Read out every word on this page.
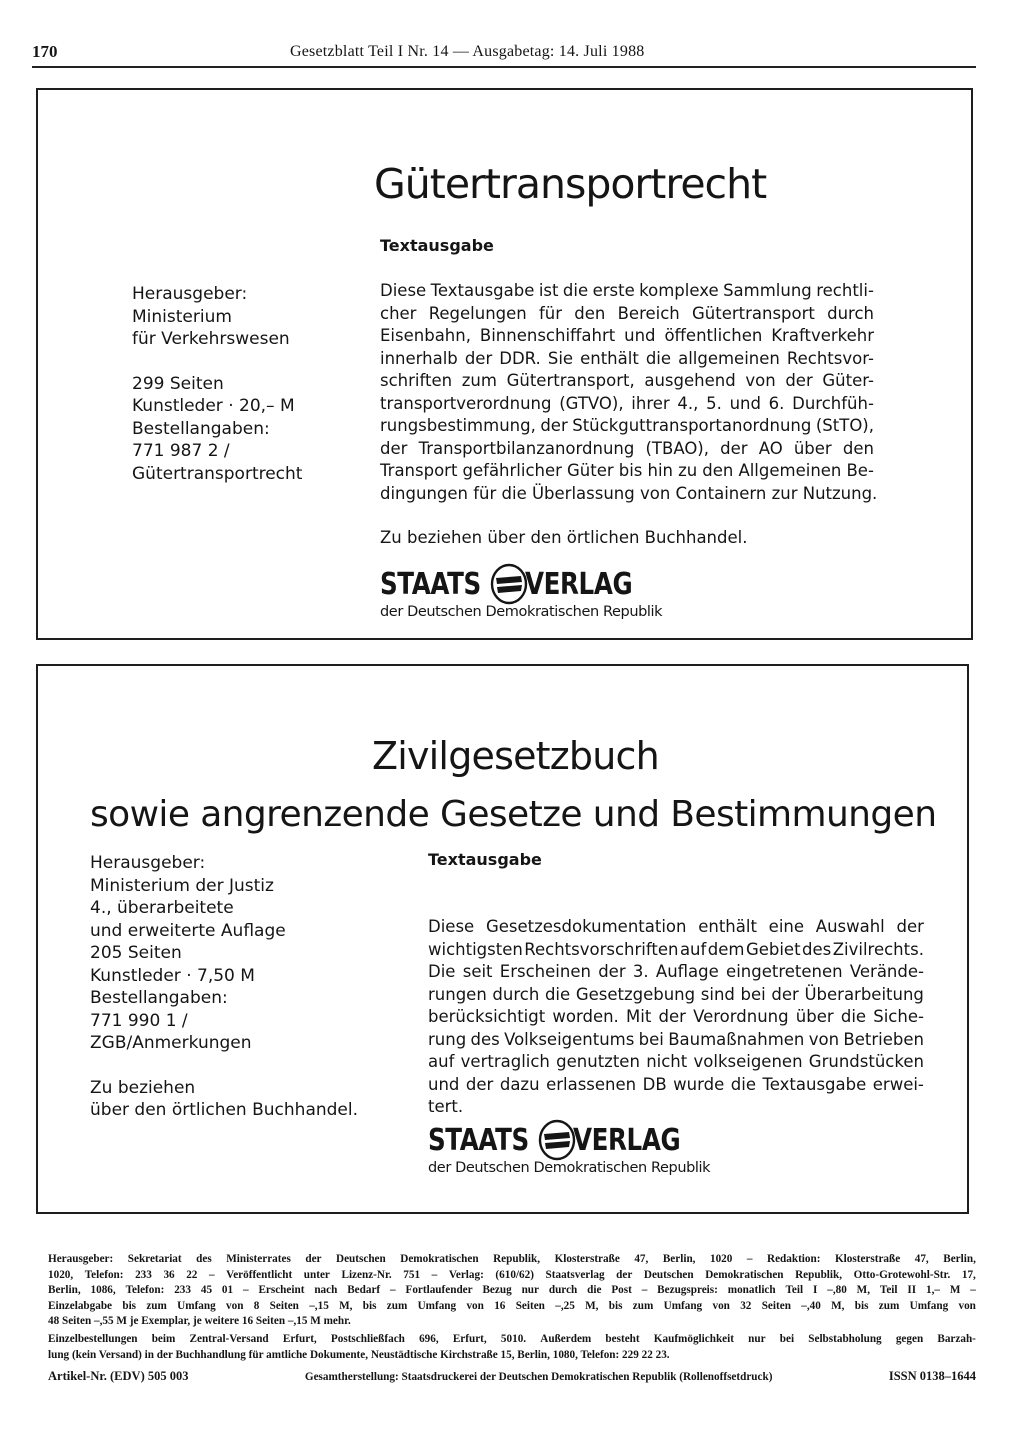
170	Gesetzblatt Teil I Nr. 14 — Ausgabetag: 14. Juli 1988
Gütertransportrecht
Textausgabe
Herausgeber:
Ministerium
für Verkehrswesen
299 Seiten
Kunstleder · 20,– M
Bestellangaben:
771 987 2 /
Gütertransportrecht
Diese Textausgabe ist die erste komplexe Sammlung rechtli-
cher Regelungen für den Bereich Gütertransport durch
Eisenbahn, Binnenschiffahrt und öffentlichen Kraftverkehr
innerhalb der DDR. Sie enthält die allgemeinen Rechtsvor-
schriften zum Gütertransport, ausgehend von der Güter-
transportverordnung (GTVO), ihrer 4., 5. und 6. Durchfüh-
rungsbestimmung, der Stückguttransportanordnung (StTO),
der Transportbilanzanordnung (TBAO), der AO über den
Transport gefährlicher Güter bis hin zu den Allgemeinen Be-
dingungen für die Überlassung von Containern zur Nutzung.
Zu beziehen über den örtlichen Buchhandel.
STAATS VERLAG
der Deutschen Demokratischen Republik
Zivilgesetzbuch
sowie angrenzende Gesetze und Bestimmungen
Textausgabe
Herausgeber:
Ministerium der Justiz
4., überarbeitete
und erweiterte Auflage
205 Seiten
Kunstleder · 7,50 M
Bestellangaben:
771 990 1 /
ZGB/Anmerkungen
Zu beziehen
über den örtlichen Buchhandel.
Diese Gesetzesdokumentation enthält eine Auswahl der
wichtigsten Rechtsvorschriften auf dem Gebiet des Zivilrechts.
Die seit Erscheinen der 3. Auflage eingetretenen Verände-
rungen durch die Gesetzgebung sind bei der Überarbeitung
berücksichtigt worden. Mit der Verordnung über die Siche-
rung des Volkseigentums bei Baumaßnahmen von Betrieben
auf vertraglich genutzten nicht volkseigenen Grundstücken
und der dazu erlassenen DB wurde die Textausgabe erwei-
tert.
STAATS VERLAG
der Deutschen Demokratischen Republik
Herausgeber: Sekretariat des Ministerrates der Deutschen Demokratischen Republik, Klosterstraße 47, Berlin, 1020 – Redaktion: Klosterstraße 47, Berlin,
1020, Telefon: 233 36 22 – Veröffentlicht unter Lizenz-Nr. 751 – Verlag: (610/62) Staatsverlag der Deutschen Demokratischen Republik, Otto-Grotewohl-Str. 17,
Berlin, 1086, Telefon: 233 45 01 – Erscheint nach Bedarf – Fortlaufender Bezug nur durch die Post – Bezugspreis: monatlich Teil I –,80 M, Teil II 1,– M –
Einzelabgabe bis zum Umfang von 8 Seiten –,15 M, bis zum Umfang von 16 Seiten –,25 M, bis zum Umfang von 32 Seiten –,40 M, bis zum Umfang von
48 Seiten –,55 M je Exemplar, je weitere 16 Seiten –,15 M mehr.
Einzelbestellungen beim Zentral-Versand Erfurt, Postschließfach 696, Erfurt, 5010. Außerdem besteht Kaufmöglichkeit nur bei Selbstabholung gegen Barzah-
lung (kein Versand) in der Buchhandlung für amtliche Dokumente, Neustädtische Kirchstraße 15, Berlin, 1080, Telefon: 229 22 23.
Artikel-Nr. (EDV) 505 003	Gesamtherstellung: Staatsdruckerei der Deutschen Demokratischen Republik (Rollenoffsetdruck)	ISSN 0138–1644
